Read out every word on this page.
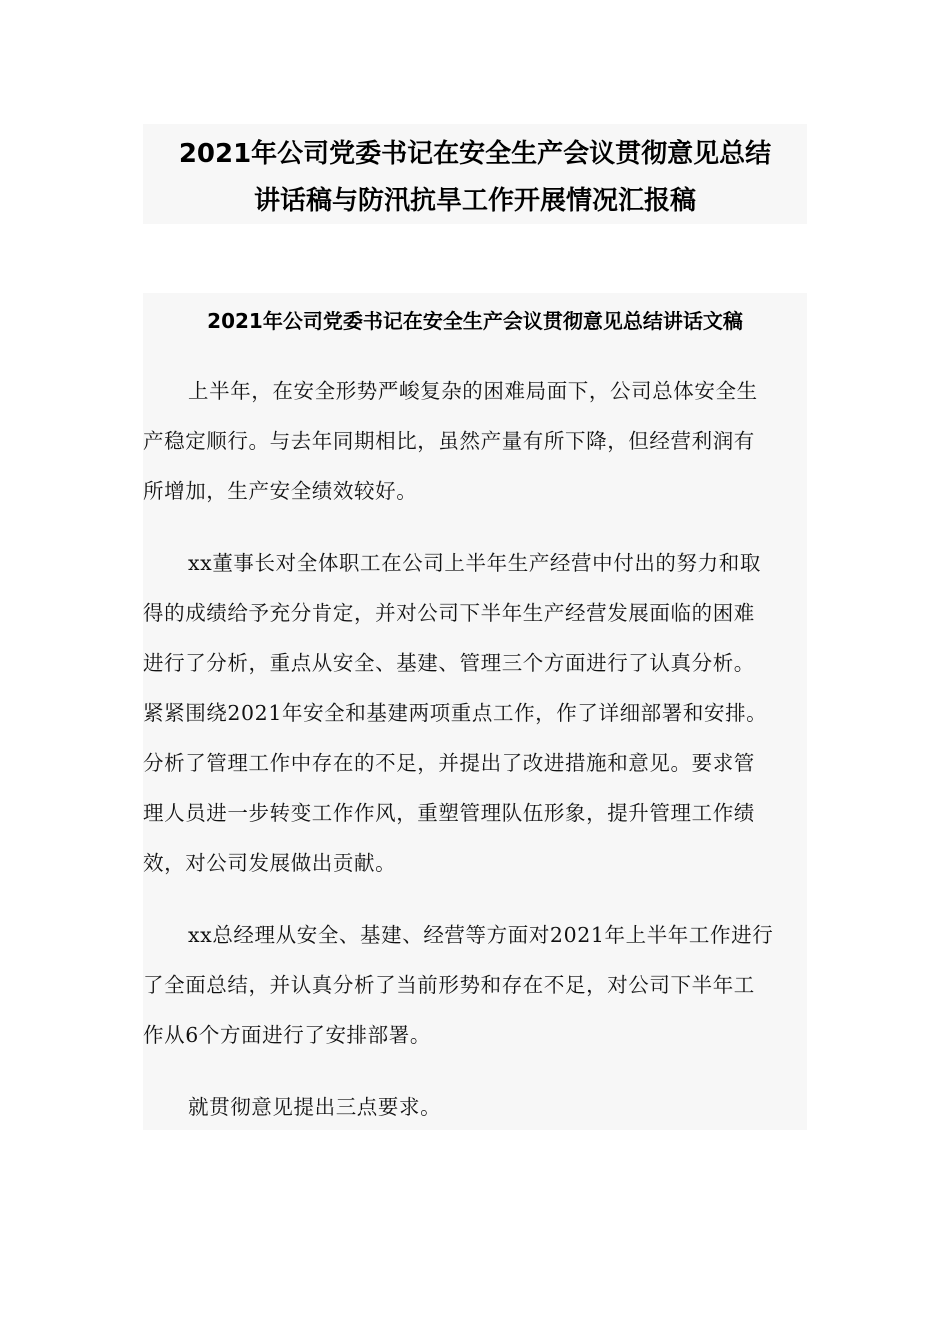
2021年公司党委书记在安全生产会议贯彻意见总结
讲话稿与防汛抗旱工作开展情况汇报稿
2021年公司党委书记在安全生产会议贯彻意见总结讲话文稿
上半年，在安全形势严峻复杂的困难局面下，公司总体安全生
产稳定顺行。与去年同期相比，虽然产量有所下降，但经营利润有
所增加，生产安全绩效较好。
xx董事长对全体职工在公司上半年生产经营中付出的努力和取
得的成绩给予充分肯定，并对公司下半年生产经营发展面临的困难
进行了分析，重点从安全、基建、管理三个方面进行了认真分析。
紧紧围绕2021年安全和基建两项重点工作，作了详细部署和安排。
分析了管理工作中存在的不足，并提出了改进措施和意见。要求管
理人员进一步转变工作作风，重塑管理队伍形象，提升管理工作绩
效，对公司发展做出贡献。
xx总经理从安全、基建、经营等方面对2021年上半年工作进行
了全面总结，并认真分析了当前形势和存在不足，对公司下半年工
作从6个方面进行了安排部署。
就贯彻意见提出三点要求。
